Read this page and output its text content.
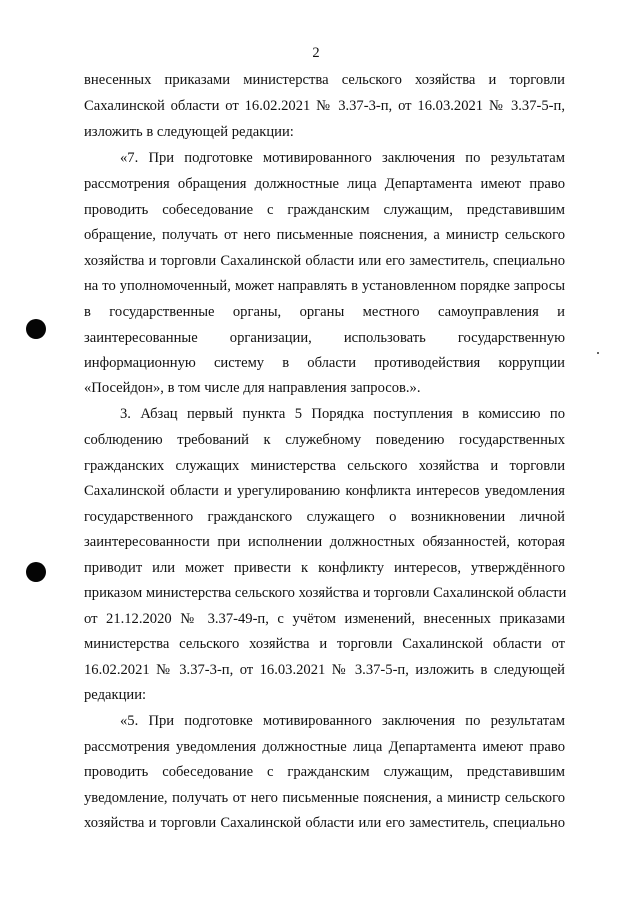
2
внесенных приказами министерства сельского хозяйства и торговли
Сахалинской области от 16.02.2021 № 3.37-3-п, от 16.03.2021 № 3.37-5-п,
изложить в следующей редакции:
«7. При подготовке мотивированного заключения по результатам
рассмотрения обращения должностные лица Департамента имеют право
проводить собеседование с гражданским служащим, представившим
обращение, получать от него письменные пояснения, а министр сельского
хозяйства и торговли Сахалинской области или его заместитель, специально
на то уполномоченный, может направлять в установленном порядке запросы
в государственные органы, органы местного самоуправления и
заинтересованные организации, использовать государственную
информационную систему в области противодействия коррупции
«Посейдон», в том числе для направления запросов.».
3. Абзац первый пункта 5 Порядка поступления в комиссию по
соблюдению требований к служебному поведению государственных
гражданских служащих министерства сельского хозяйства и торговли
Сахалинской области и урегулированию конфликта интересов уведомления
государственного гражданского служащего о возникновении личной
заинтересованности при исполнении должностных обязанностей, которая
приводит или может привести к конфликту интересов, утверждённого
приказом министерства сельского хозяйства и торговли Сахалинской области
от 21.12.2020 № 3.37-49-п, с учётом изменений, внесенных приказами
министерства сельского хозяйства и торговли Сахалинской области от
16.02.2021 № 3.37-3-п, от 16.03.2021 № 3.37-5-п, изложить в следующей
редакции:
«5. При подготовке мотивированного заключения по результатам
рассмотрения уведомления должностные лица Департамента имеют право
проводить собеседование с гражданским служащим, представившим
уведомление, получать от него письменные пояснения, а министр сельского
хозяйства и торговли Сахалинской области или его заместитель, специально
